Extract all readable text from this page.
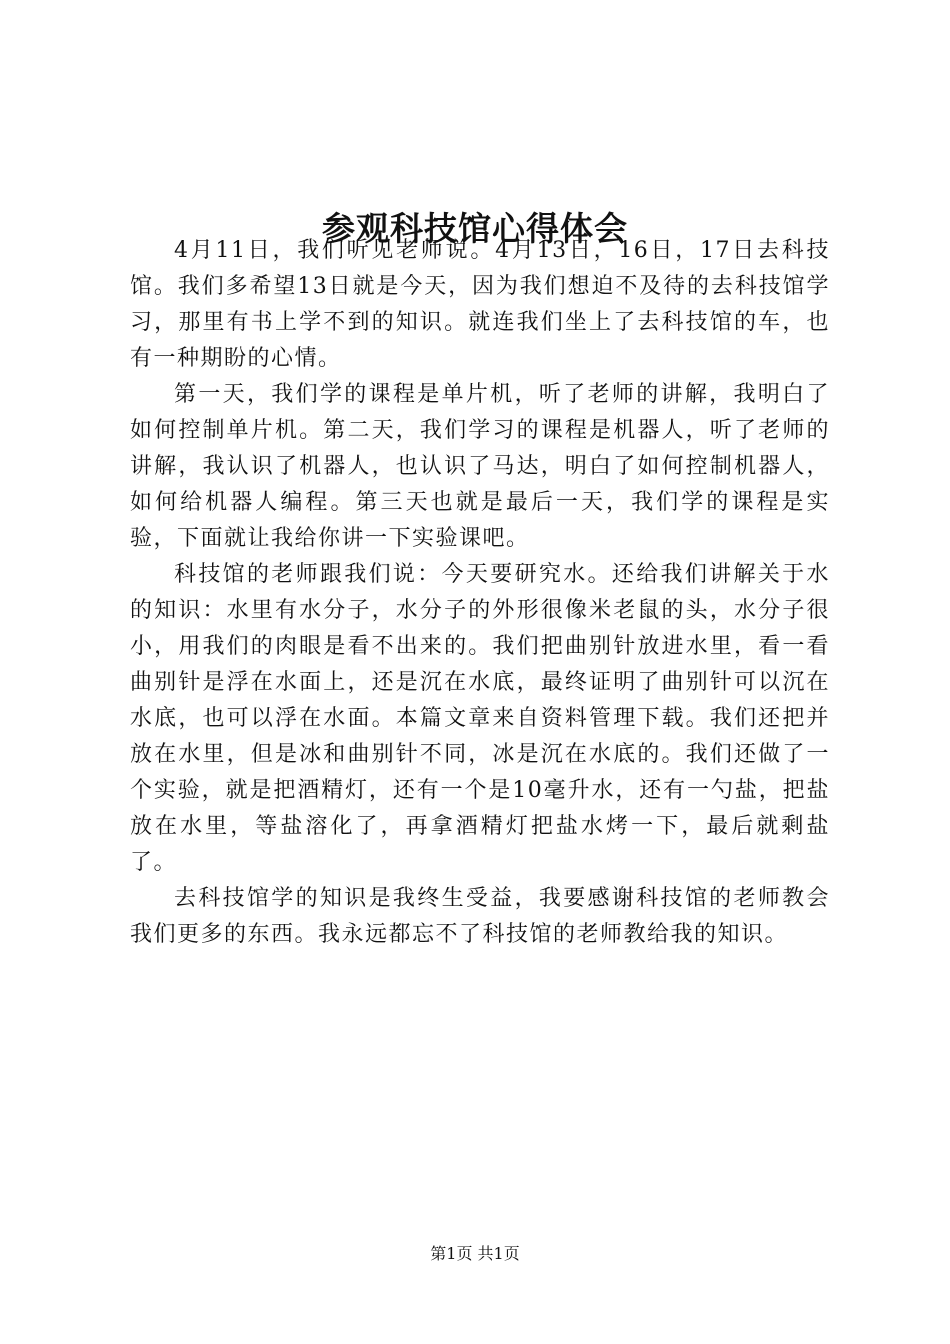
参观科技馆心得体会

4月11日，我们听见老师说。4月13日，16日，17日去科技馆。我们多希望13日就是今天，因为我们想迫不及待的去科技馆学习，那里有书上学不到的知识。就连我们坐上了去科技馆的车，也有一种期盼的心情。

第一天，我们学的课程是单片机，听了老师的讲解，我明白了如何控制单片机。第二天，我们学习的课程是机器人，听了老师的讲解，我认识了机器人，也认识了马达，明白了如何控制机器人，如何给机器人编程。第三天也就是最后一天，我们学的课程是实验，下面就让我给你讲一下实验课吧。

科技馆的老师跟我们说：今天要研究水。还给我们讲解关于水的知识：水里有水分子，水分子的外形很像米老鼠的头，水分子很小，用我们的肉眼是看不出来的。我们把曲别针放进水里，看一看曲别针是浮在水面上，还是沉在水底，最终证明了曲别针可以沉在水底，也可以浮在水面。本篇文章来自资料管理下载。我们还把并放在水里，但是冰和曲别针不同，冰是沉在水底的。我们还做了一个实验，就是把酒精灯，还有一个是10毫升水，还有一勺盐，把盐放在水里，等盐溶化了，再拿酒精灯把盐水烤一下，最后就剩盐了。

去科技馆学的知识是我终生受益，我要感谢科技馆的老师教会我们更多的东西。我永远都忘不了科技馆的老师教给我的知识。

第1页 共1页
